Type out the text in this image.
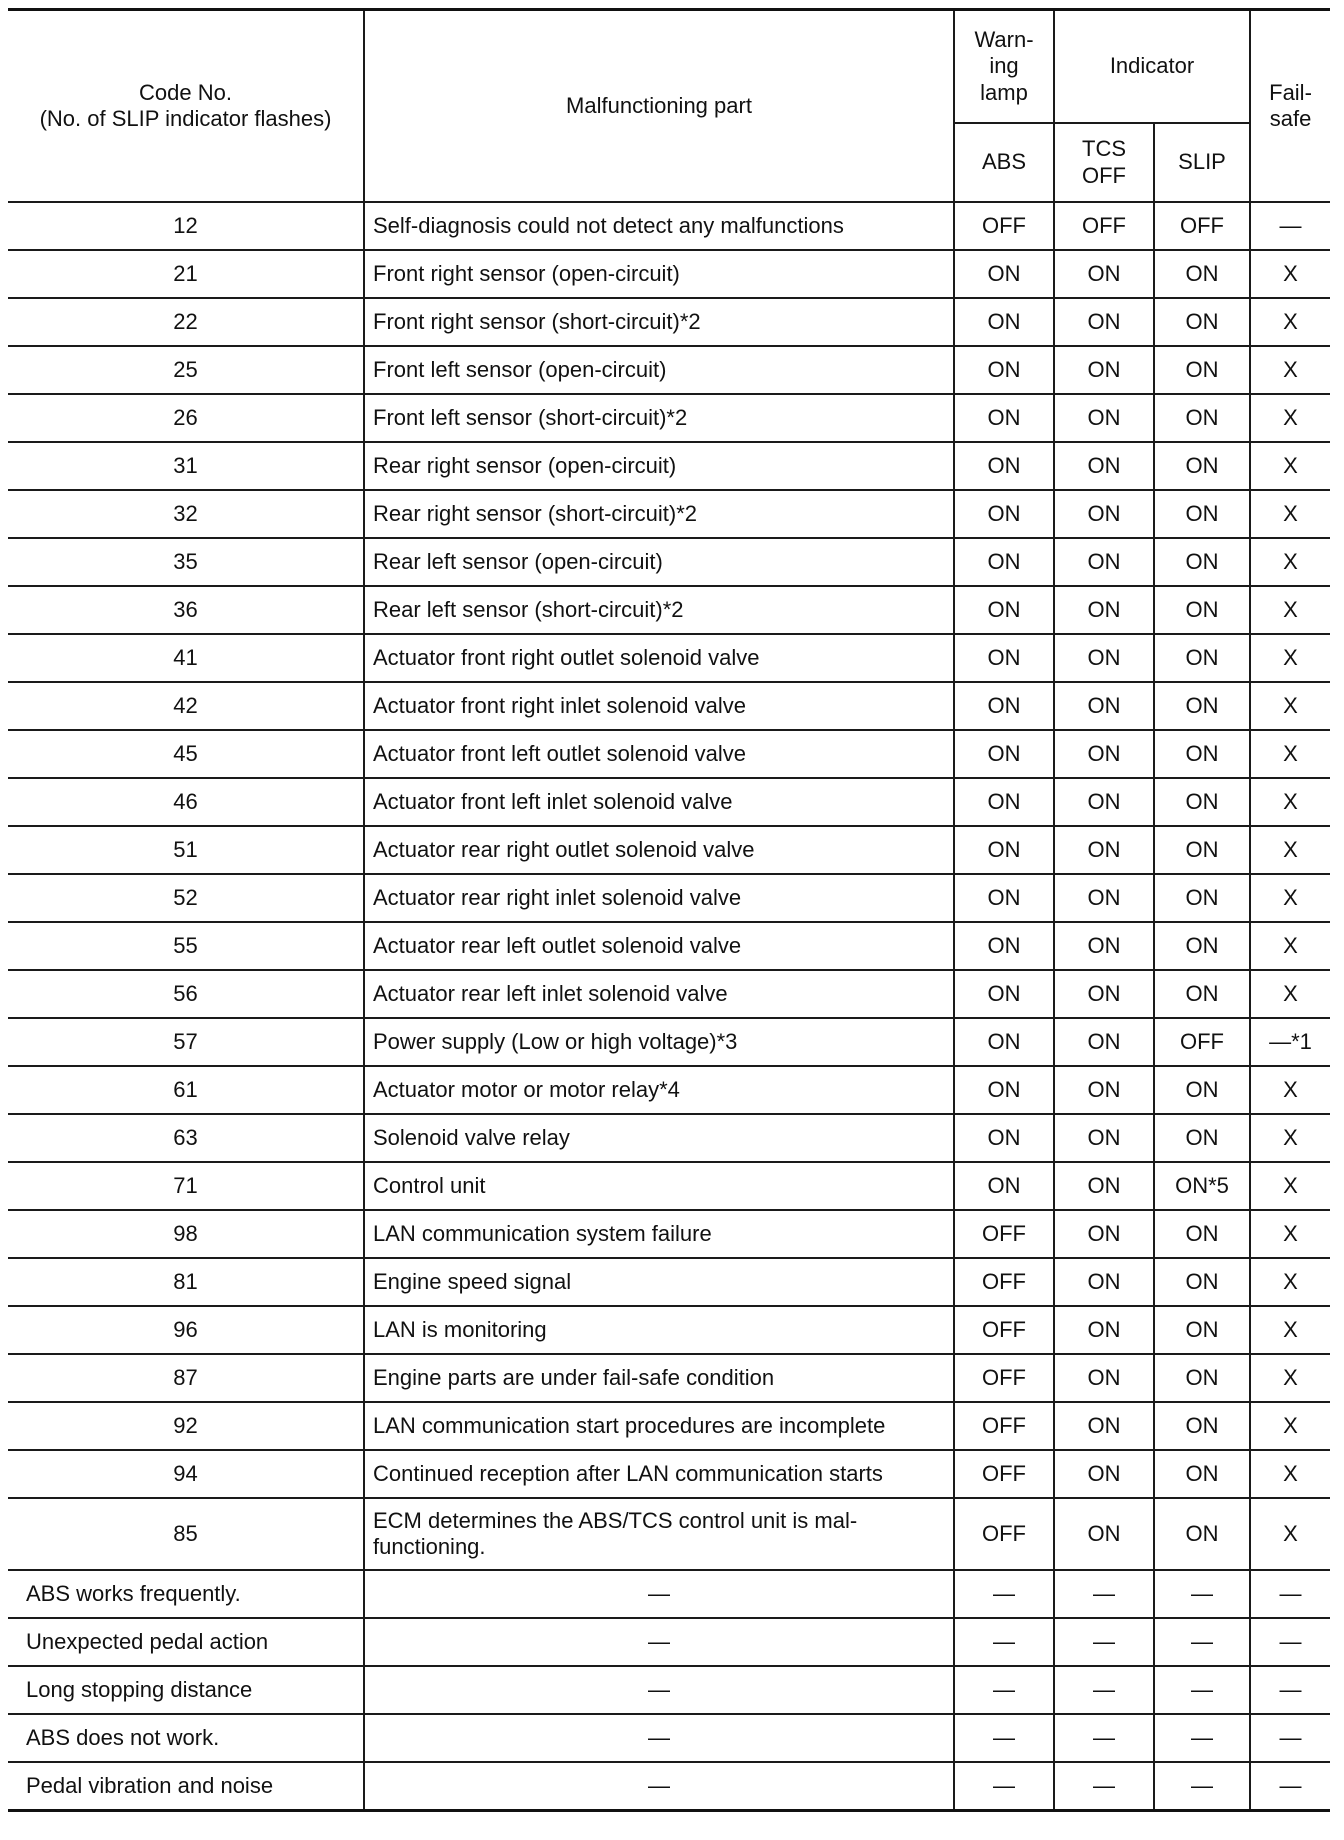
Code No.
(No. of SLIP indicator flashes)	Malfunctioning part	Warn-
ing
lamp	Indicator		Fail-
safe
		ABS	TCS
OFF	SLIP	
12	Self-diagnosis could not detect any malfunctions	OFF	OFF	OFF	—
21	Front right sensor (open-circuit)	ON	ON	ON	X
22	Front right sensor (short-circuit)*2	ON	ON	ON	X
25	Front left sensor (open-circuit)	ON	ON	ON	X
26	Front left sensor (short-circuit)*2	ON	ON	ON	X
31	Rear right sensor (open-circuit)	ON	ON	ON	X
32	Rear right sensor (short-circuit)*2	ON	ON	ON	X
35	Rear left sensor (open-circuit)	ON	ON	ON	X
36	Rear left sensor (short-circuit)*2	ON	ON	ON	X
41	Actuator front right outlet solenoid valve	ON	ON	ON	X
42	Actuator front right inlet solenoid valve	ON	ON	ON	X
45	Actuator front left outlet solenoid valve	ON	ON	ON	X
46	Actuator front left inlet solenoid valve	ON	ON	ON	X
51	Actuator rear right outlet solenoid valve	ON	ON	ON	X
52	Actuator rear right inlet solenoid valve	ON	ON	ON	X
55	Actuator rear left outlet solenoid valve	ON	ON	ON	X
56	Actuator rear left inlet solenoid valve	ON	ON	ON	X
57	Power supply (Low or high voltage)*3	ON	ON	OFF	—*1
61	Actuator motor or motor relay*4	ON	ON	ON	X
63	Solenoid valve relay	ON	ON	ON	X
71	Control unit	ON	ON	ON*5	X
98	LAN communication system failure	OFF	ON	ON	X
81	Engine speed signal	OFF	ON	ON	X
96	LAN is monitoring	OFF	ON	ON	X
87	Engine parts are under fail-safe condition	OFF	ON	ON	X
92	LAN communication start procedures are incomplete	OFF	ON	ON	X
94	Continued reception after LAN communication starts	OFF	ON	ON	X
85	ECM determines the ABS/TCS control unit is mal-
functioning.	OFF	ON	ON	X
ABS works frequently.	—	—	—	—	—
Unexpected pedal action	—	—	—	—	—
Long stopping distance	—	—	—	—	—
ABS does not work.	—	—	—	—	—
Pedal vibration and noise	—	—	—	—	—
